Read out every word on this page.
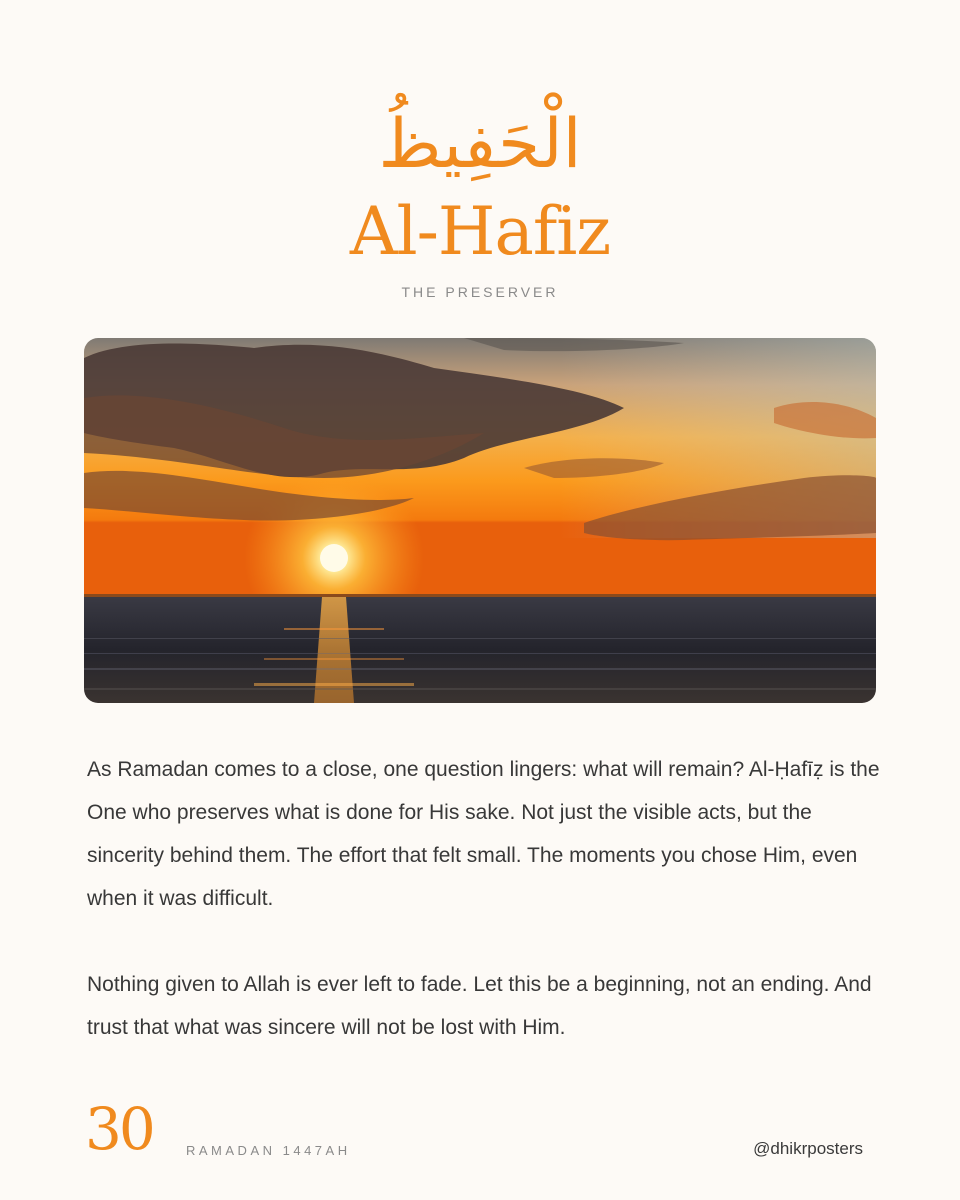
الْحَفِيظُ
Al-Hafiz
THE PRESERVER

As Ramadan comes to a close, one question lingers: what will remain? Al-Ḥafīẓ is the One who preserves what is done for His sake. Not just the visible acts, but the sincerity behind them. The effort that felt small. The moments you chose Him, even when it was difficult.

Nothing given to Allah is ever left to fade. Let this be a beginning, not an ending. And trust that what was sincere will not be lost with Him.

30	RAMADAN 1447AH	@dhikrposters
